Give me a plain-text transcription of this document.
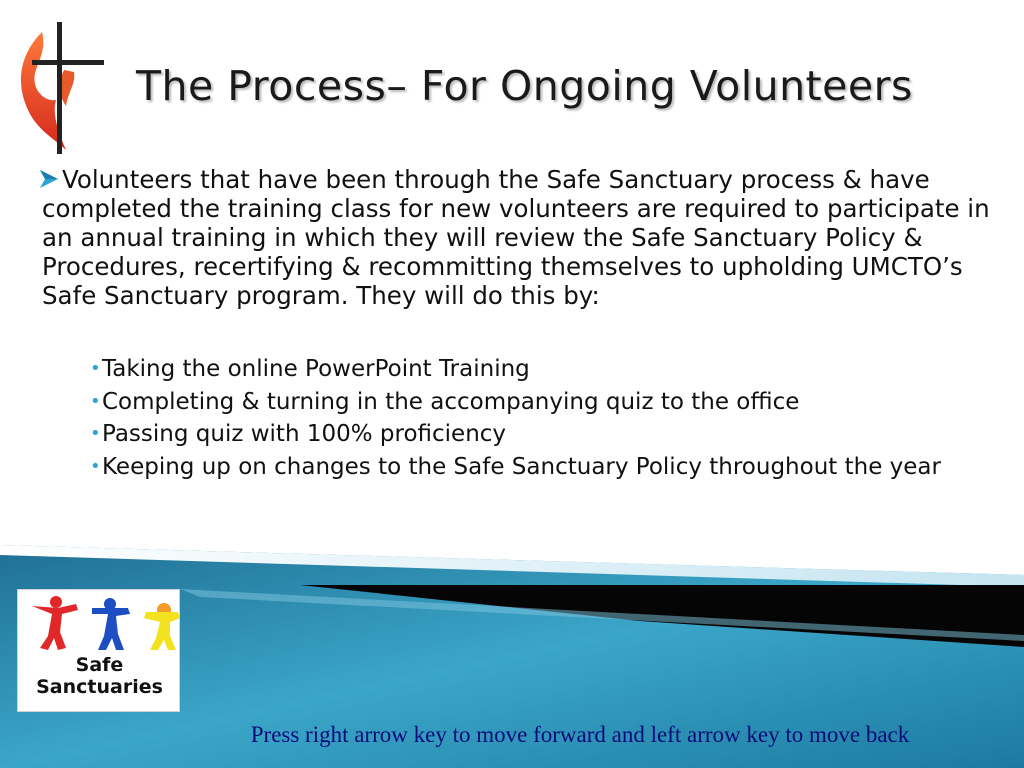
The Process– For Ongoing Volunteers
Volunteers that have been through the Safe Sanctuary process & have completed the training class for new volunteers are required to participate in an annual training in which they will review the Safe Sanctuary Policy & Procedures, recertifying & recommitting themselves to upholding UMCTO’s Safe Sanctuary program. They will do this by:
•Taking the online PowerPoint Training
•Completing & turning in the accompanying quiz to the office
•Passing quiz with 100% proficiency
•Keeping up on changes to the Safe Sanctuary Policy throughout the year
Safe
Sanctuaries
Press right arrow key to move forward and left arrow key to move back
